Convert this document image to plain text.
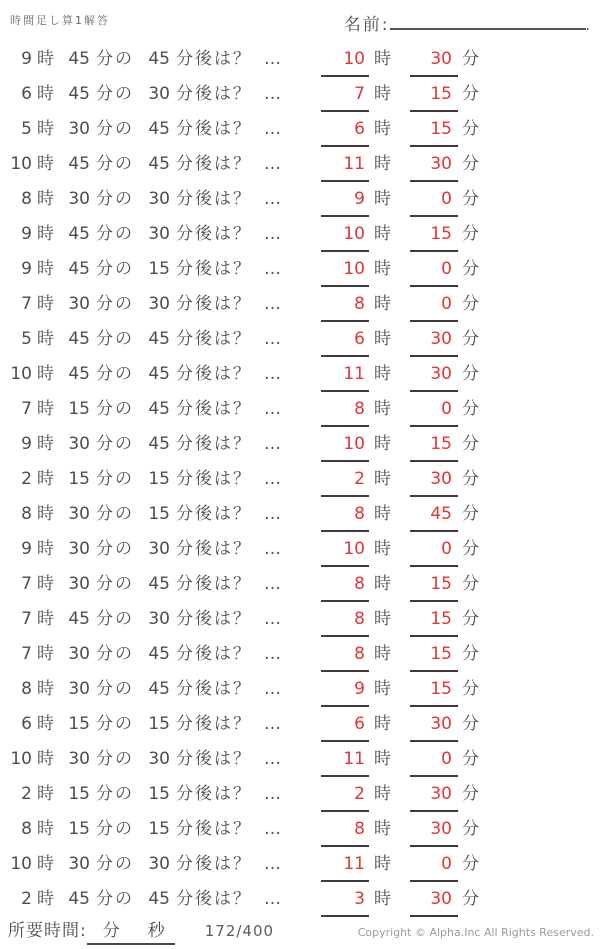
時間足し算1解答	名前:	.
9 時 45 分の 45 分後は？ …	10 時 30 分
6 時 45 分の 30 分後は？ …	7 時 15 分
5 時 30 分の 45 分後は？ …	6 時 15 分
10 時 45 分の 45 分後は？ …	11 時 30 分
8 時 30 分の 30 分後は？ …	9 時	0 分
9 時 45 分の 30 分後は？ …	10 時 15 分
9 時 45 分の 15 分後は？ …	10 時	0 分
7 時 30 分の 30 分後は？ …	8 時	0 分
5 時 45 分の 45 分後は？ …	6 時 30 分
10 時 45 分の 45 分後は？ …	11 時 30 分
7 時 15 分の 45 分後は？ …	8 時	0 分
9 時 30 分の 45 分後は？ …	10 時 15 分
2 時 15 分の 15 分後は？ …	2 時 30 分
8 時 30 分の 15 分後は？ …	8 時 45 分
9 時 30 分の 30 分後は？ …	10 時	0 分
7 時 30 分の 45 分後は？ …	8 時 15 分
7 時 45 分の 30 分後は？ …	8 時 15 分
7 時 30 分の 45 分後は？ …	8 時 15 分
8 時 30 分の 45 分後は？ …	9 時 15 分
6 時 15 分の 15 分後は？ …	6 時 30 分
10 時 30 分の 30 分後は？ …	11 時	0 分
2 時 15 分の 15 分後は？ …	2 時 30 分
8 時 15 分の 15 分後は？ …	8 時 30 分
10 時 30 分の 30 分後は？ …	11 時	0 分
2 時 45 分の 45 分後は？ …	3 時 30 分
所要時間: 分 秒	172/400	Copyright © Alpha.Inc All Rights Reserved.
